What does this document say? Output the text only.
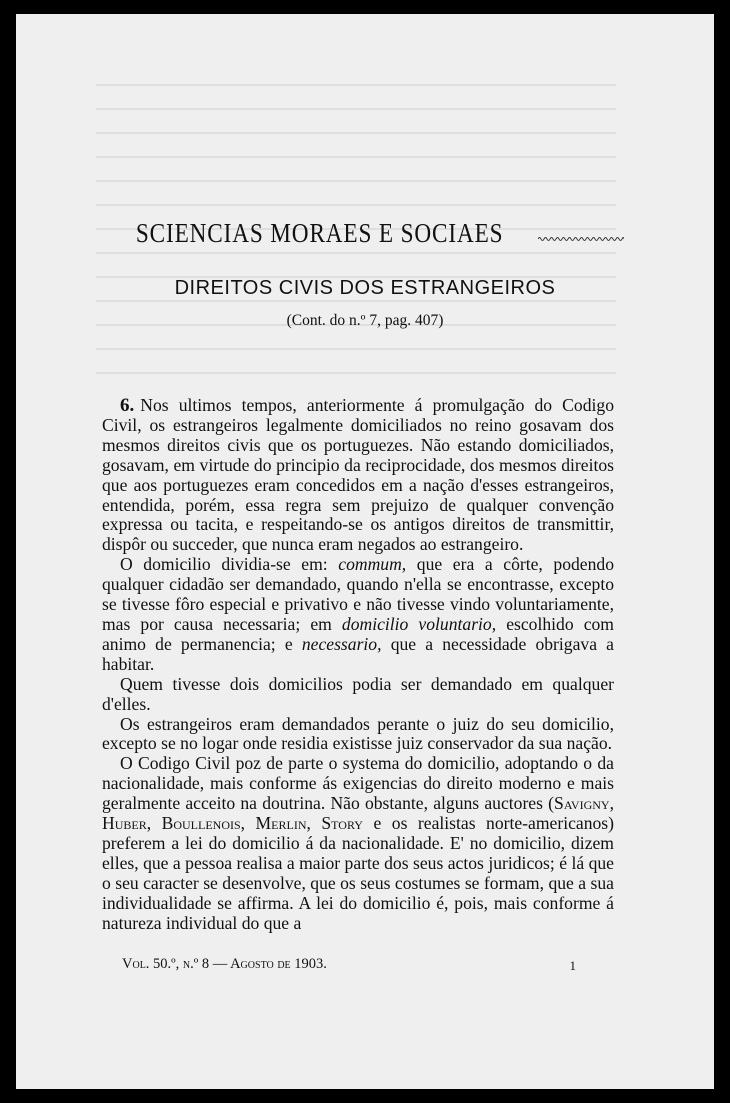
SCIENCIAS MORAES E SOCIAES
DIREITOS CIVIS DOS ESTRANGEIROS
(Cont. do n.º 7, pag. 407)

6. Nos ultimos tempos, anteriormente á promulgação do Codigo Civil, os estrangeiros legalmente domiciliados no reino gosavam dos mesmos direitos civis que os portuguezes. Não estando domiciliados, gosavam, em virtude do principio da reciprocidade, dos mesmos direitos que aos portuguezes eram concedidos em a nação d'esses estrangeiros, entendida, porém, essa regra sem prejuizo de qualquer convenção expressa ou tacita, e respeitando-se os antigos direitos de transmittir, dispôr ou succeder, que nunca eram negados ao estrangeiro.

O domicilio dividia-se em: commum, que era a côrte, podendo qualquer cidadão ser demandado, quando n'ella se encontrasse, excepto se tivesse fôro especial e privativo e não tivesse vindo voluntariamente, mas por causa necessaria; em domicilio voluntario, escolhido com animo de permanencia; e necessario, que a necessidade obrigava a habitar.

Quem tivesse dois domicilios podia ser demandado em qualquer d'elles.

Os estrangeiros eram demandados perante o juiz do seu domicilio, excepto se no logar onde residia existisse juiz conservador da sua nação.

O Codigo Civil poz de parte o systema do domicilio, adoptando o da nacionalidade, mais conforme ás exigencias do direito moderno e mais geralmente acceito na doutrina. Não obstante, alguns auctores (Savigny, Huber, Boullenois, Merlin, Story e os realistas norte-americanos) preferem a lei do domicilio á da nacionalidade. E' no domicilio, dizem elles, que a pessoa realisa a maior parte dos seus actos juridicos; é lá que o seu caracter se desenvolve, que os seus costumes se formam, que a sua individualidade se affirma. A lei do domicilio é, pois, mais conforme á natureza individual do que a

Vol. 50.º, n.º 8 — Agosto de 1903.	1
